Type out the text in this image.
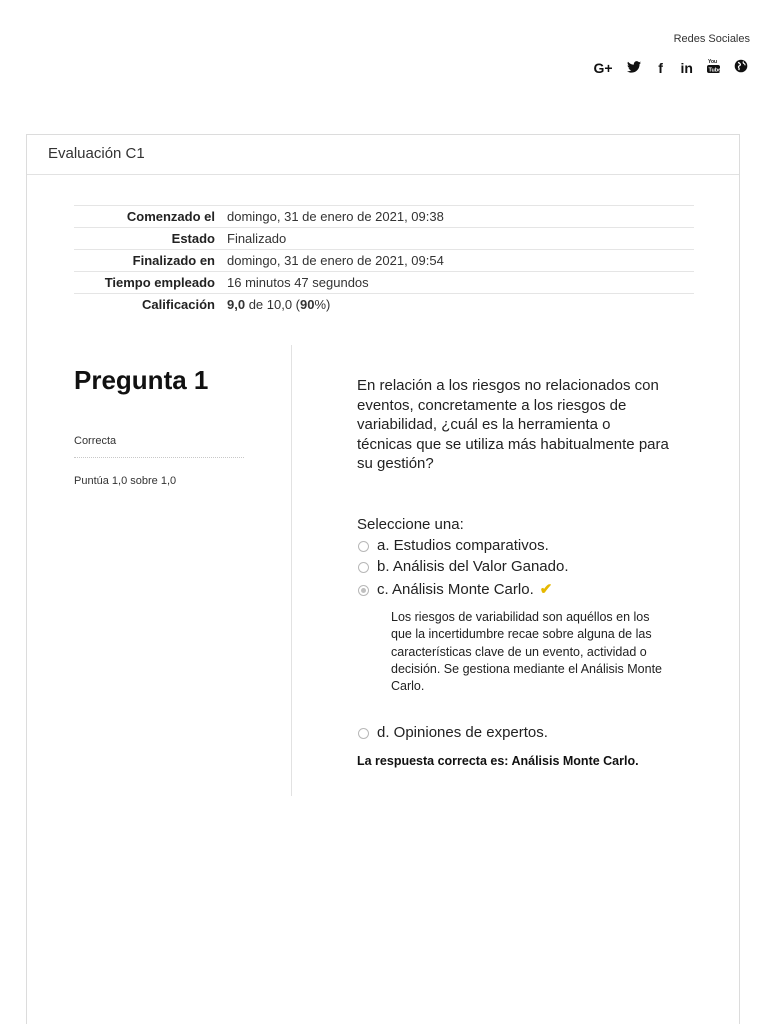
Redes Sociales
G+	f in	You
Tube
Evaluación C1
Comenzado el	domingo, 31 de enero de 2021, 09:38
Estado	Finalizado
Finalizado en	domingo, 31 de enero de 2021, 09:54
Tiempo empleado	16 minutos 47 segundos
Calificación	9,0 de 10,0 (90%)
Pregunta 1
Correcta
Puntúa 1,0 sobre 1,0
En relación a los riesgos no relacionados con eventos, concretamente a los riesgos de variabilidad, ¿cuál es la herramienta o técnicas que se utiliza más habitualmente para su gestión?
Seleccione una:
a. Estudios comparativos.
b. Análisis del Valor Ganado.
c. Análisis Monte Carlo. ✔
Los riesgos de variabilidad son aquéllos en los que la incertidumbre recae sobre alguna de las características clave de un evento, actividad o decisión. Se gestiona mediante el Análisis Monte Carlo.
d. Opiniones de expertos.
La respuesta correcta es: Análisis Monte Carlo.
